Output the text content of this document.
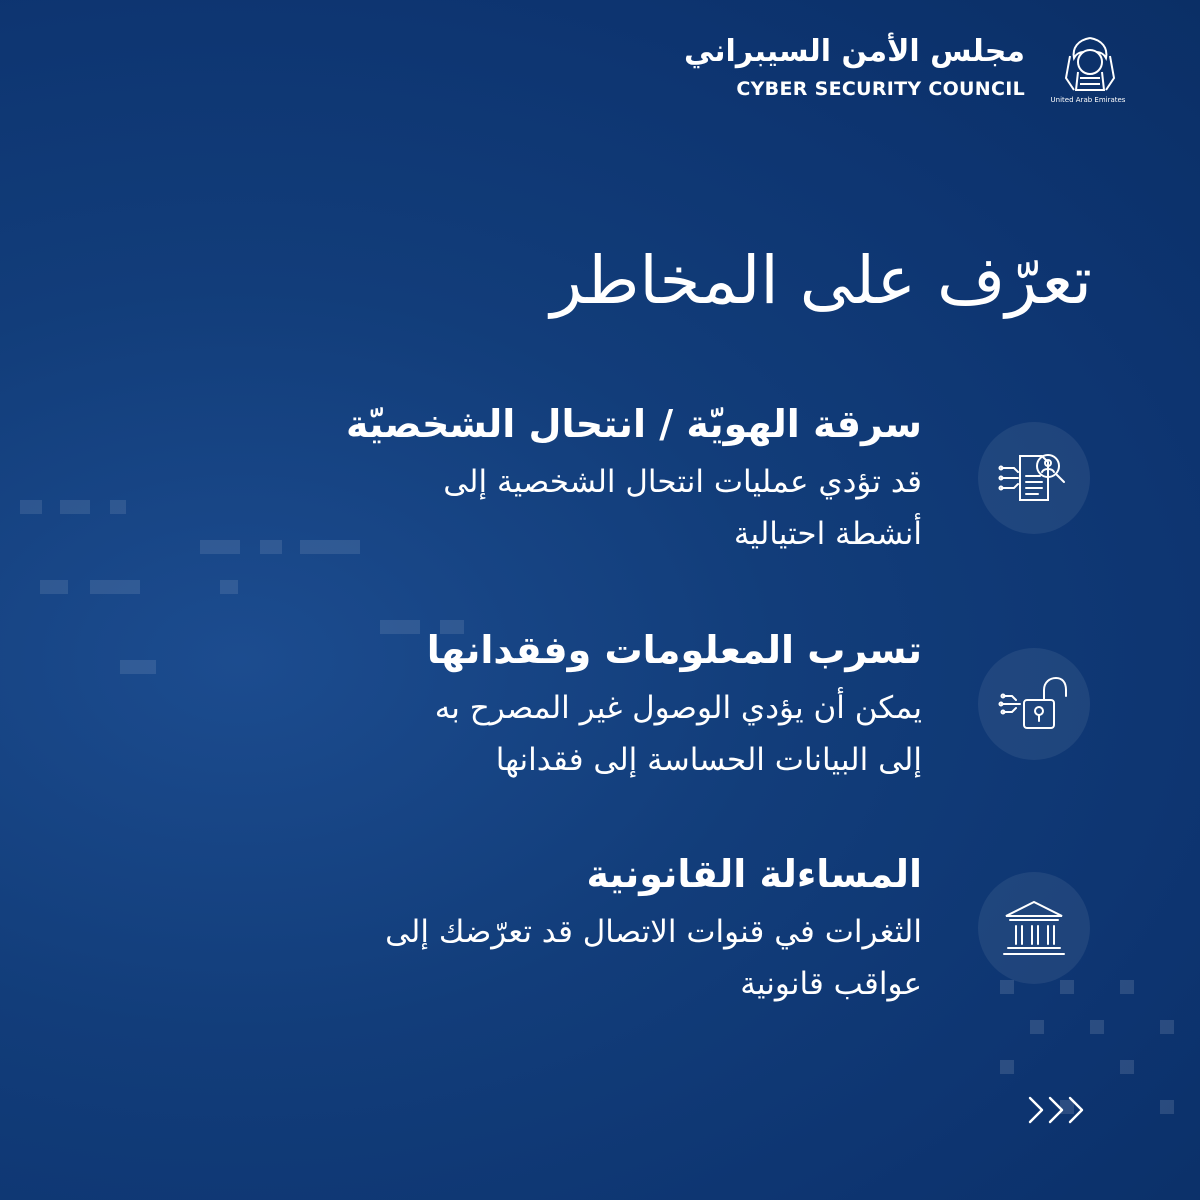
مجلس الأمن السيبراني
CYBER SECURITY COUNCIL	United Arab Emirates
تعرّف على المخاطر
سرقة الهويّة / انتحال الشخصيّة
قد تؤدي عمليات انتحال الشخصية إلى
أنشطة احتيالية
تسرب المعلومات وفقدانها
يمكن أن يؤدي الوصول غير المصرح به
إلى البيانات الحساسة إلى فقدانها
المساءلة القانونية
الثغرات في قنوات الاتصال قد تعرّضك إلى
عواقب قانونية
